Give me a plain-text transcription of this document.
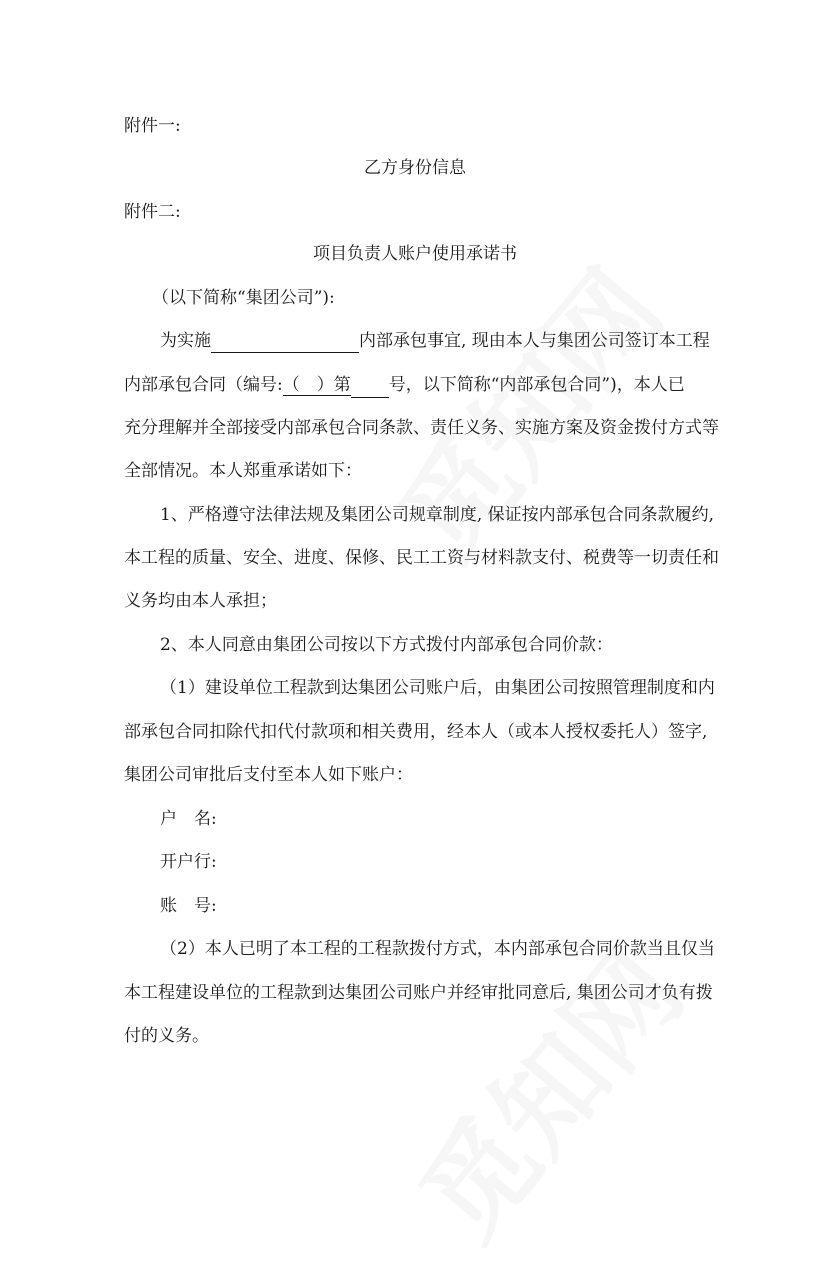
附件一:
乙方身份信息
附件二:
项目负责人账户使用承诺书
（以下简称“集团公司”):
为实施	内部承包事宜, 现由本人与集团公司签订本工程
内部承包合同（编号:（　）第 号，以下简称“内部承包合同”)，本人已
充分理解并全部接受内部承包合同条款、责任义务、实施方案及资金拨付方式等
全部情况。本人郑重承诺如下：
1、严格遵守法律法规及集团公司规章制度, 保证按内部承包合同条款履约,
本工程的质量、安全、进度、保修、民工工资与材料款支付、税费等一切责任和
义务均由本人承担；
2、本人同意由集团公司按以下方式拨付内部承包合同价款：
（1）建设单位工程款到达集团公司账户后，由集团公司按照管理制度和内
部承包合同扣除代扣代付款项和相关费用，经本人（或本人授权委托人）签字,
集团公司审批后支付至本人如下账户：
户　名:
开户行:
账　号:
（2）本人已明了本工程的工程款拨付方式，本内部承包合同价款当且仅当
本工程建设单位的工程款到达集团公司账户并经审批同意后, 集团公司才负有拨
付的义务。
